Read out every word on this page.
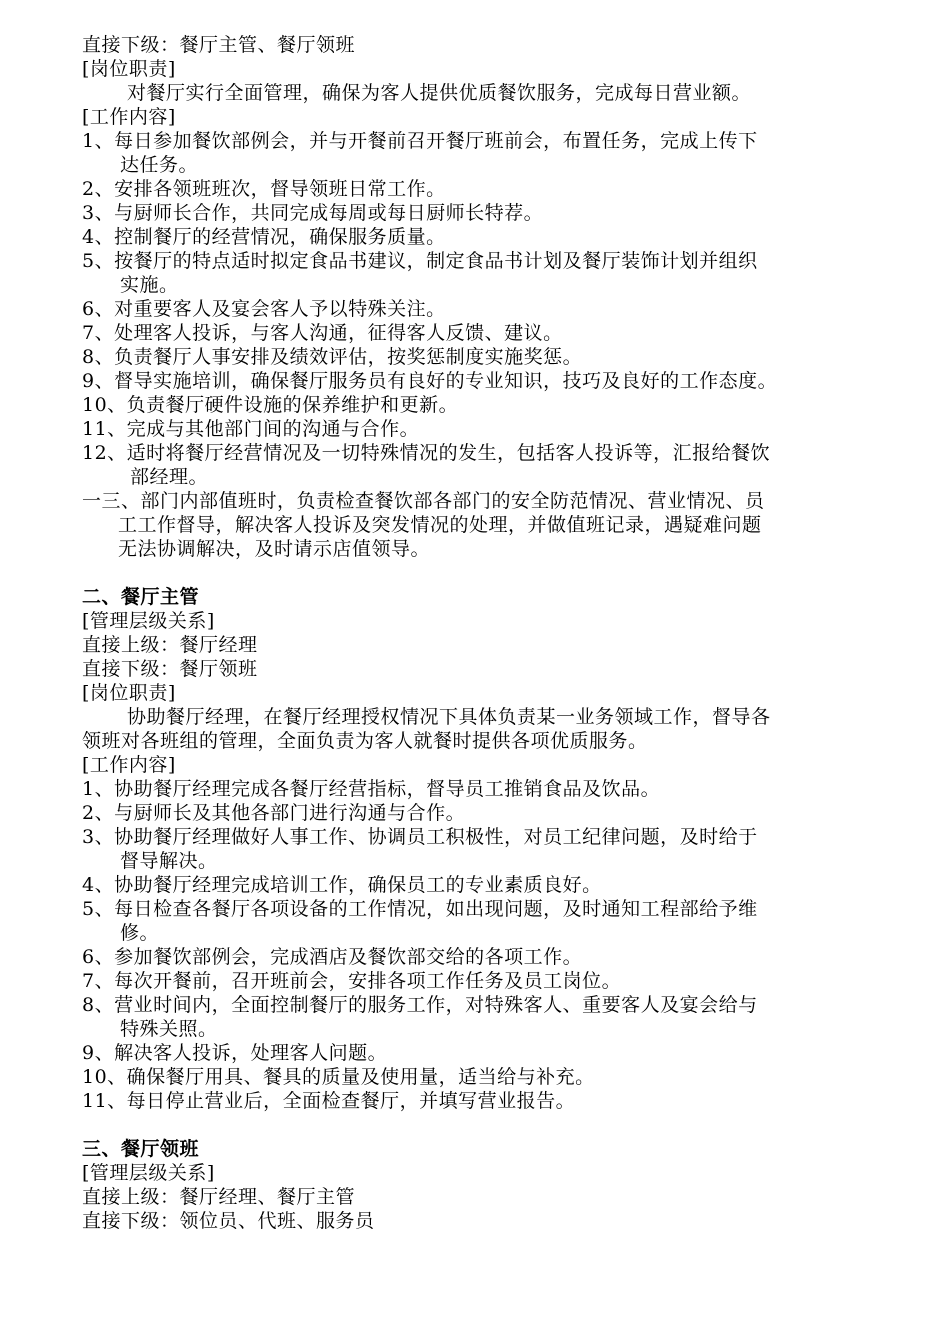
直接下级：餐厅主管、餐厅领班
[岗位职责]
对餐厅实行全面管理，确保为客人提供优质餐饮服务，完成每日营业额。
[工作内容]
1、每日参加餐饮部例会，并与开餐前召开餐厅班前会，布置任务，完成上传下
达任务。
2、安排各领班班次，督导领班日常工作。
3、与厨师长合作，共同完成每周或每日厨师长特荐。
4、控制餐厅的经营情况，确保服务质量。
5、按餐厅的特点适时拟定食品书建议，制定食品书计划及餐厅装饰计划并组织
实施。
6、对重要客人及宴会客人予以特殊关注。
7、处理客人投诉，与客人沟通，征得客人反馈、建议。
8、负责餐厅人事安排及绩效评估，按奖惩制度实施奖惩。
9、督导实施培训，确保餐厅服务员有良好的专业知识，技巧及良好的工作态度。
10、负责餐厅硬件设施的保养维护和更新。
11、完成与其他部门间的沟通与合作。
12、适时将餐厅经营情况及一切特殊情况的发生，包括客人投诉等，汇报给餐饮
部经理。
一三、部门内部值班时，负责检查餐饮部各部门的安全防范情况、营业情况、员
工工作督导，解决客人投诉及突发情况的处理，并做值班记录，遇疑难问题
无法协调解决，及时请示店值领导。
二、餐厅主管
[管理层级关系]
直接上级：餐厅经理
直接下级：餐厅领班
[岗位职责]
协助餐厅经理，在餐厅经理授权情况下具体负责某一业务领域工作，督导各
领班对各班组的管理，全面负责为客人就餐时提供各项优质服务。
[工作内容]
1、协助餐厅经理完成各餐厅经营指标，督导员工推销食品及饮品。
2、与厨师长及其他各部门进行沟通与合作。
3、协助餐厅经理做好人事工作、协调员工积极性，对员工纪律问题，及时给于
督导解决。
4、协助餐厅经理完成培训工作，确保员工的专业素质良好。
5、每日检查各餐厅各项设备的工作情况，如出现问题，及时通知工程部给予维
修。
6、参加餐饮部例会，完成酒店及餐饮部交给的各项工作。
7、每次开餐前，召开班前会，安排各项工作任务及员工岗位。
8、营业时间内，全面控制餐厅的服务工作，对特殊客人、重要客人及宴会给与
特殊关照。
9、解决客人投诉，处理客人问题。
10、确保餐厅用具、餐具的质量及使用量，适当给与补充。
11、每日停止营业后，全面检查餐厅，并填写营业报告。
三、餐厅领班
[管理层级关系]
直接上级：餐厅经理、餐厅主管
直接下级：领位员、代班、服务员
